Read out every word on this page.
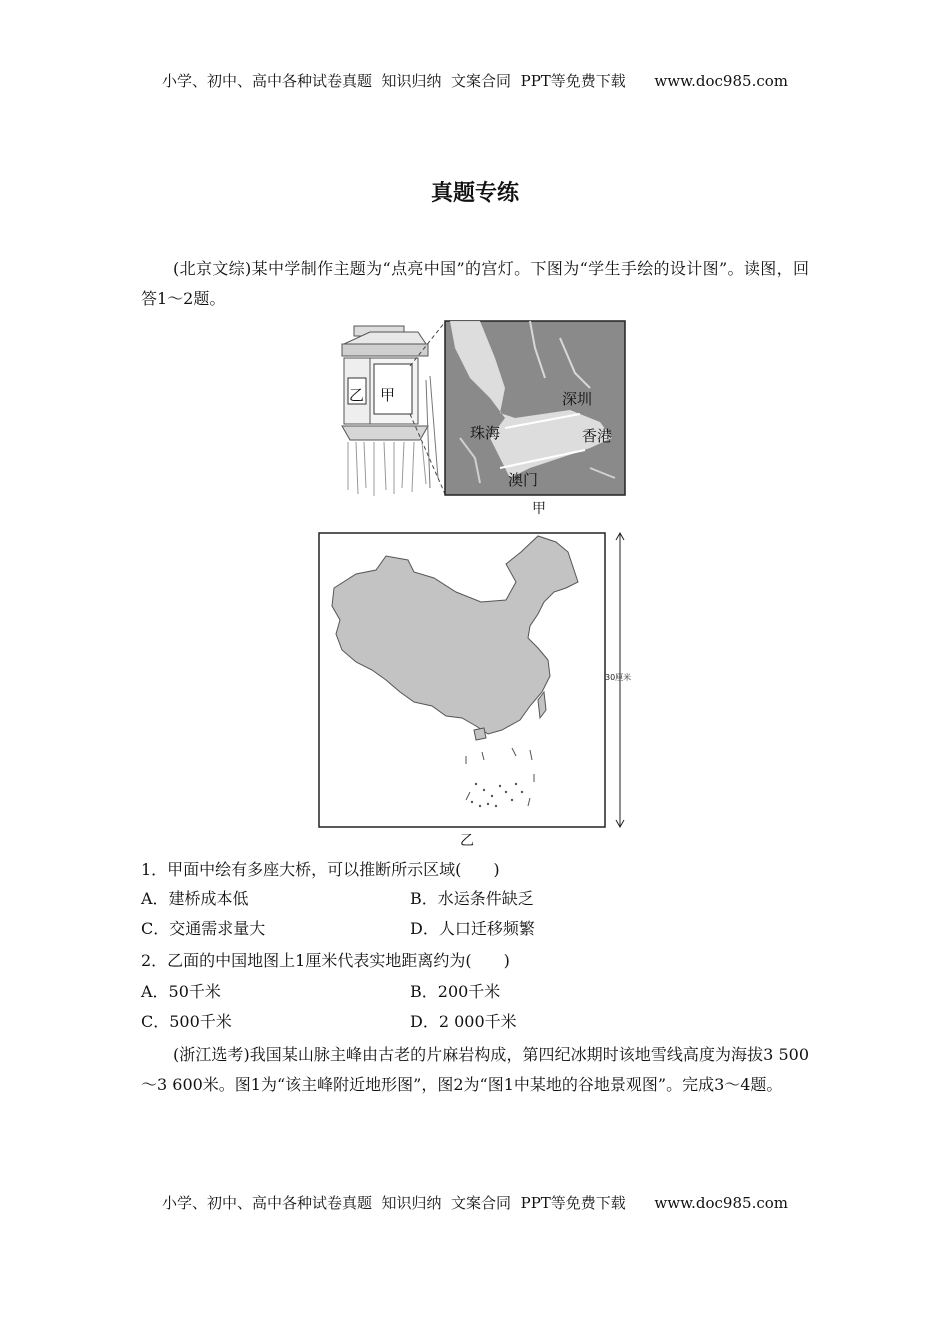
小学、初中、高中各种试卷真题  知识归纳  文案合同  PPT等免费下载      www.doc985.com
真题专练
(北京文综)某中学制作主题为“点亮中国”的宫灯。下图为“学生手绘的设计图”。读图，回答1～2题。
甲
乙	深圳
珠海	香港
澳门
甲
30厘米
乙
1．甲面中绘有多座大桥，可以推断所示区域(　　)
A．建桥成本低	B．水运条件缺乏
C．交通需求量大	D．人口迁移频繁
2．乙面的中国地图上1厘米代表实地距离约为(　　)
A．50千米	B．200千米
C．500千米	D．2 000千米
(浙江选考)我国某山脉主峰由古老的片麻岩构成，第四纪冰期时该地雪线高度为海拔3 500～3 600米。图1为“该主峰附近地形图”，图2为“图1中某地的谷地景观图”。完成3～4题。
小学、初中、高中各种试卷真题  知识归纳  文案合同  PPT等免费下载      www.doc985.com
